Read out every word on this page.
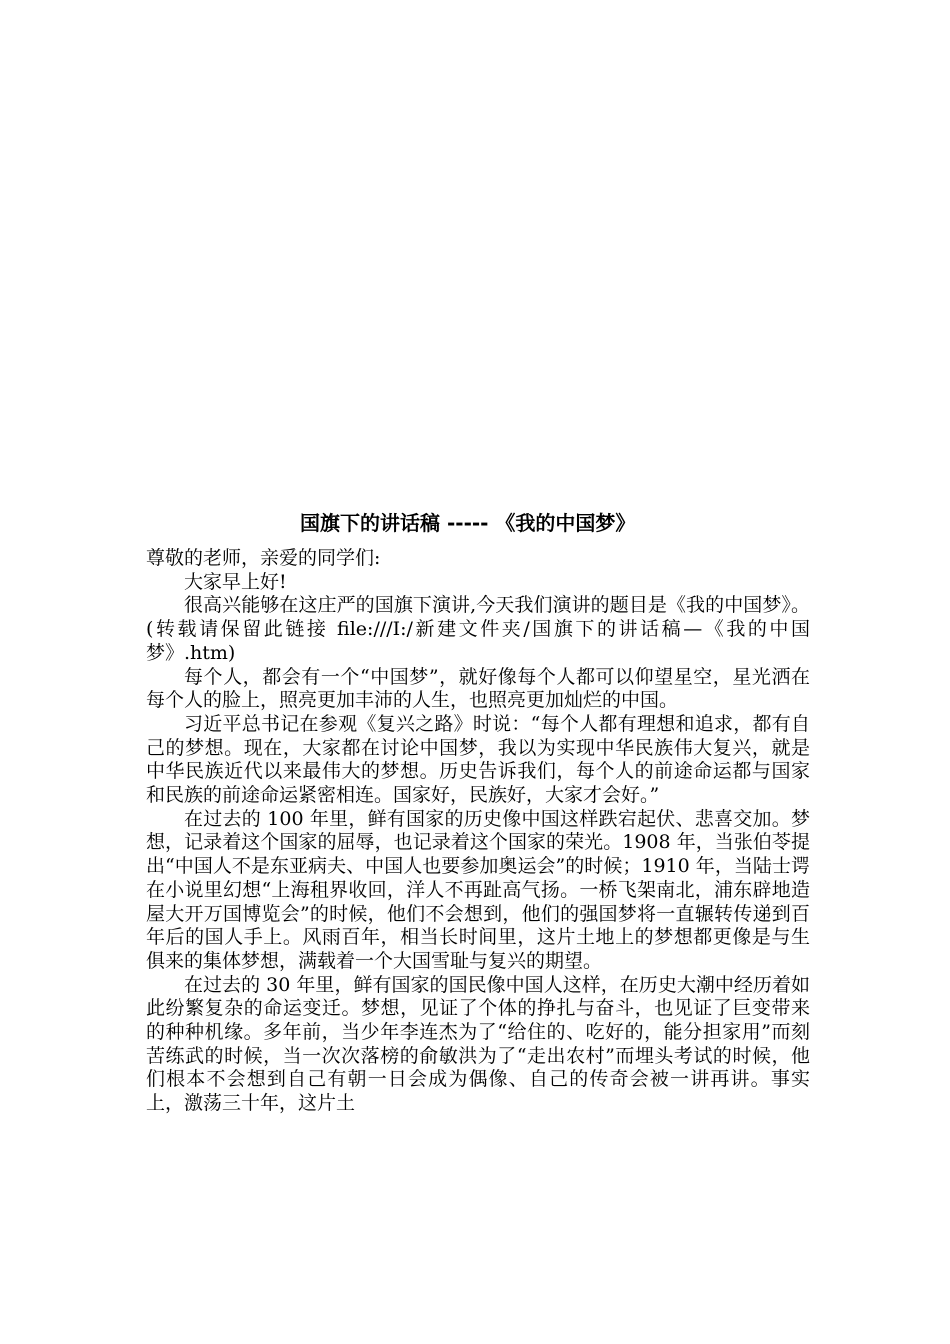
国旗下的讲话稿 ----- 《我的中国梦》

尊敬的老师，亲爱的同学们:

大家早上好!

很高兴能够在这庄严的国旗下演讲,今天我们演讲的题目是《我的中国梦》。(转载请保留此链接 file:///I:/新建文件夹/国旗下的讲话稿—《我的中国梦》.htm)

每个人，都会有一个“中国梦”，就好像每个人都可以仰望星空，星光洒在每个人的脸上，照亮更加丰沛的人生，也照亮更加灿烂的中国。

习近平总书记在参观《复兴之路》时说：“每个人都有理想和追求，都有自己的梦想。现在，大家都在讨论中国梦，我以为实现中华民族伟大复兴，就是中华民族近代以来最伟大的梦想。历史告诉我们，每个人的前途命运都与国家和民族的前途命运紧密相连。国家好，民族好，大家才会好。”

在过去的 100 年里，鲜有国家的历史像中国这样跌宕起伏、悲喜交加。梦想，记录着这个国家的屈辱，也记录着这个国家的荣光。1908 年，当张伯苓提出“中国人不是东亚病夫、中国人也要参加奥运会”的时候；1910 年，当陆士谔在小说里幻想“上海租界收回，洋人不再趾高气扬。一桥飞架南北，浦东辟地造屋大开万国博览会”的时候，他们不会想到，他们的强国梦将一直辗转传递到百年后的国人手上。风雨百年，相当长时间里，这片土地上的梦想都更像是与生俱来的集体梦想，满载着一个大国雪耻与复兴的期望。

在过去的 30 年里，鲜有国家的国民像中国人这样，在历史大潮中经历着如此纷繁复杂的命运变迁。梦想，见证了个体的挣扎与奋斗，也见证了巨变带来的种种机缘。多年前，当少年李连杰为了“给住的、吃好的，能分担家用”而刻苦练武的时候，当一次次落榜的俞敏洪为了“走出农村”而埋头考试的时候，他们根本不会想到自己有朝一日会成为偶像、自己的传奇会被一讲再讲。事实上，激荡三十年，这片土
